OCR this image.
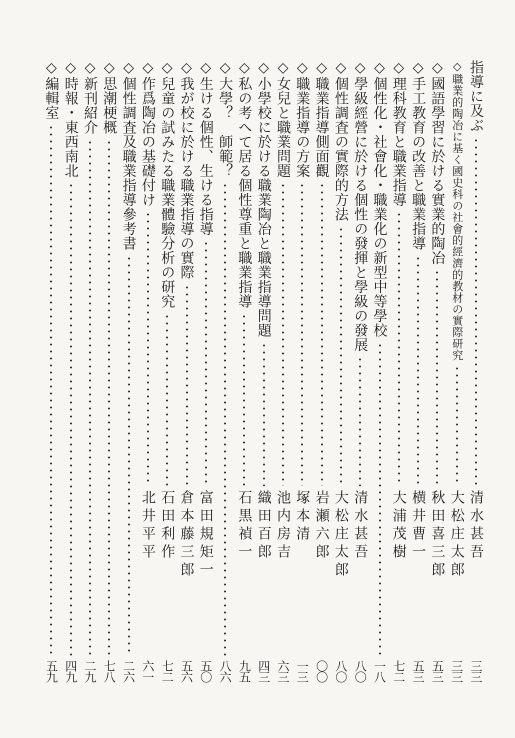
指導に及ぶ
清水甚吾
三三
◇職業的陶冶に基く國史科の社會的經濟的教材の實際研究
大松庄太郎
三三
◇國語學習に於ける實業的陶冶
秋田喜三郎
五三
◇手工教育の改善と職業指導
横井曹一
五三
◇理科教育と職業指導
大浦茂樹
七二
◇個性化・社會化・職業化の新型中等學校
一八
◇學級經營に於ける個性の發揮と學級の發展
清水甚吾
八〇
◇個性調査の實際的方法
大松庄太郎
八〇
◇職業指導側面觀
岩瀬六郎
〇〇
◇職業指導の方案
塚本清
一三
◇女兒と職業問題
池内房吉
六三
◇小學校に於ける職業陶冶と職業指導問題
織田百郎
四三
◇私の考へて居る個性尊重と職業指導
石黒禎一
九五
◇大學？　師範？
八六
◇生ける個性、生ける指導
富田規矩一
五〇
◇我が校に於ける職業指導の實際
倉本藤三郎
五六
◇兒童の試みたる職業體驗分析の研究
石田利作
七二
◇作爲陶冶の基礎付け
北井平平
六一
◇個性調査及職業指導參考書
二六
◇思潮梗概
七八
◇新刊紹介
二九
◇時報・東西南北
四九
◇編輯室
五九
